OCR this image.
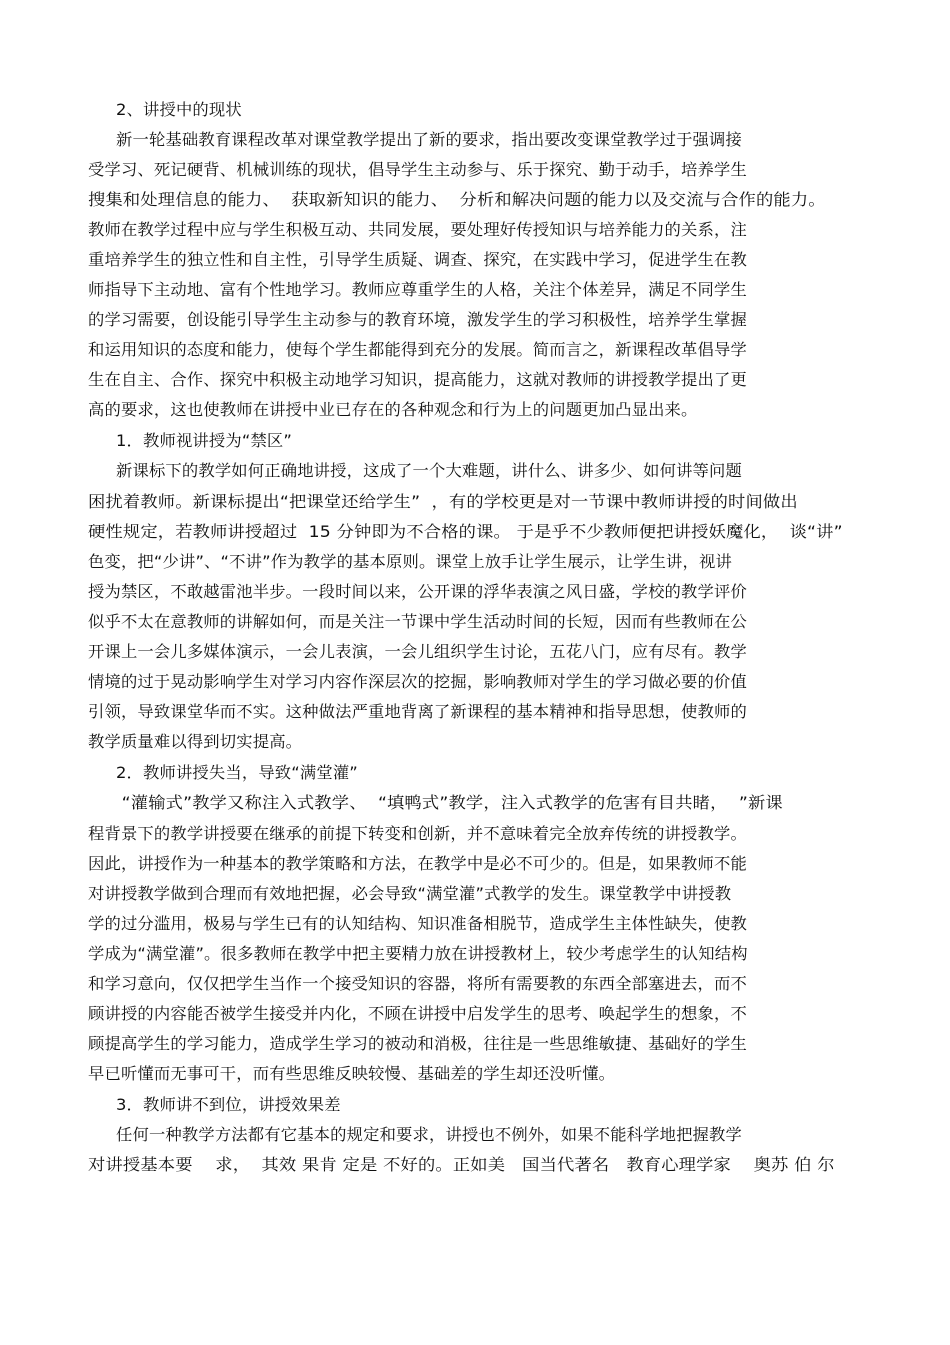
2、讲授中的现状
新一轮基础教育课程改革对课堂教学提出了新的要求，指出要改变课堂教学过于强调接
受学习、死记硬背、机械训练的现状，倡导学生主动参与、乐于探究、勤于动手，培养学生
搜集和处理信息的能力、  获取新知识的能力、  分析和解决问题的能力以及交流与合作的能力。
教师在教学过程中应与学生积极互动、共同发展，要处理好传授知识与培养能力的关系，注
重培养学生的独立性和自主性，引导学生质疑、调查、探究，在实践中学习，促进学生在教
师指导下主动地、富有个性地学习。教师应尊重学生的人格，关注个体差异，满足不同学生
的学习需要，创设能引导学生主动参与的教育环境，激发学生的学习积极性，培养学生掌握
和运用知识的态度和能力，使每个学生都能得到充分的发展。简而言之，新课程改革倡导学
生在自主、合作、探究中积极主动地学习知识，提高能力，这就对教师的讲授教学提出了更
高的要求，这也使教师在讲授中业已存在的各种观念和行为上的问题更加凸显出来。
1．教师视讲授为“禁区”
新课标下的教学如何正确地讲授，这成了一个大难题，讲什么、讲多少、如何讲等问题
困扰着教师。新课标提出“把课堂还给学生”  ，有的学校更是对一节课中教师讲授的时间做出
硬性规定，若教师讲授超过  15 分钟即为不合格的课。 于是乎不少教师便把讲授妖魔化，  谈“讲”
色变，把“少讲”、“不讲”作为教学的基本原则。课堂上放手让学生展示，让学生讲，视讲
授为禁区，不敢越雷池半步。一段时间以来，公开课的浮华表演之风日盛，学校的教学评价
似乎不太在意教师的讲解如何，而是关注一节课中学生活动时间的长短，因而有些教师在公
开课上一会儿多媒体演示，一会儿表演，一会儿组织学生讨论，五花八门，应有尽有。教学
情境的过于晃动影响学生对学习内容作深层次的挖掘，影响教师对学生的学习做必要的价值
引领，导致课堂华而不实。这种做法严重地背离了新课程的基本精神和指导思想，使教师的
教学质量难以得到切实提高。
2．教师讲授失当，导致“满堂灌”
“灌输式”教学又称注入式教学、  “填鸭式”教学，注入式教学的危害有目共睹，  ”新课
程背景下的教学讲授要在继承的前提下转变和创新，并不意味着完全放弃传统的讲授教学。
因此，讲授作为一种基本的教学策略和方法，在教学中是必不可少的。但是，如果教师不能
对讲授教学做到合理而有效地把握，必会导致“满堂灌”式教学的发生。课堂教学中讲授教
学的过分滥用，极易与学生已有的认知结构、知识准备相脱节，造成学生主体性缺失，使教
学成为“满堂灌”。很多教师在教学中把主要精力放在讲授教材上，较少考虑学生的认知结构
和学习意向，仅仅把学生当作一个接受知识的容器，将所有需要教的东西全部塞进去，而不
顾讲授的内容能否被学生接受并内化，不顾在讲授中启发学生的思考、唤起学生的想象，不
顾提高学生的学习能力，造成学生学习的被动和消极，往往是一些思维敏捷、基础好的学生
早已听懂而无事可干，而有些思维反映较慢、基础差的学生却还没听懂。
3．教师讲不到位，讲授效果差
任何一种教学方法都有它基本的规定和要求，讲授也不例外，如果不能科学地把握教学
对讲授基本要    求，  其效 果肯 定是 不好的。正如美   国当代著名   教育心理学家    奥苏 伯 尔
